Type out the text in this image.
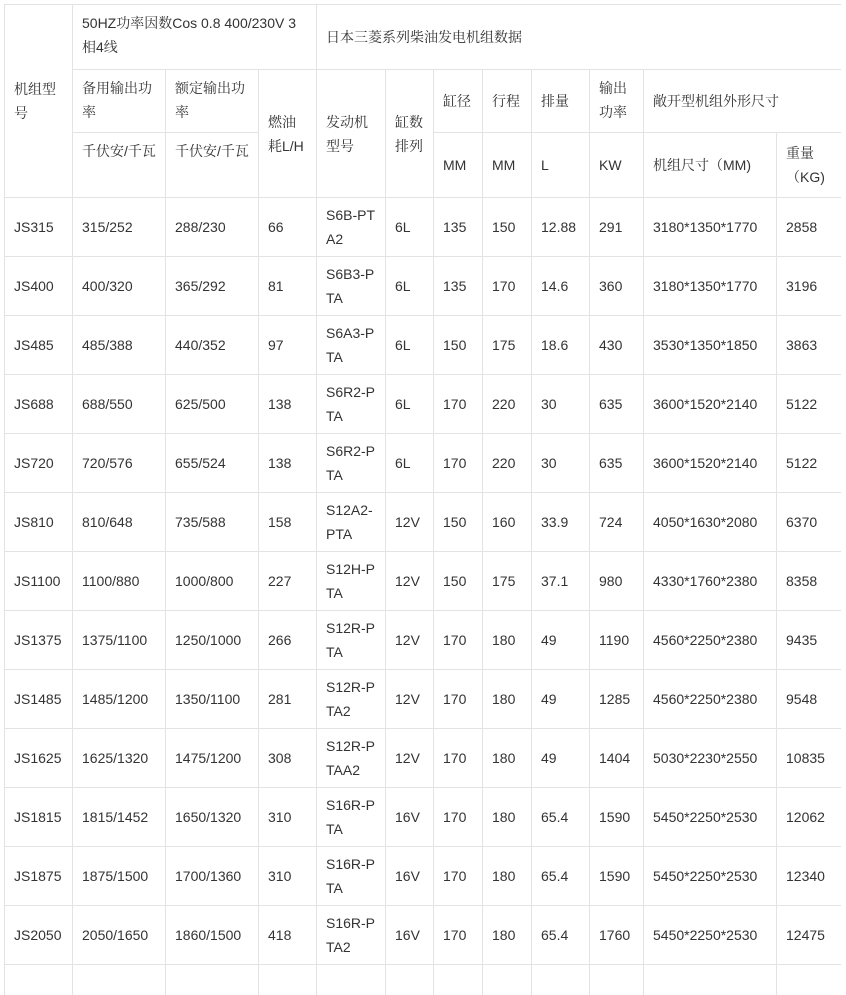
机组型号	50HZ功率因数Cos 0.8 400/230V 3相4线			日本三菱系列柴油发电机组数据							
	备用输出功率	额定输出功率	燃油耗L/H	发动机型号	缸数排列	缸径	行程	排量	输出功率	敞开型机组外形尺寸	
	千伏安/千瓦	千伏安/千瓦				MM	MM	L	KW	机组尺寸（MM)	重量（KG)
JS315	315/252	288/230	66	S6B-PTA2	6L	135	150	12.88	291	3180*1350*1770	2858
JS400	400/320	365/292	81	S6B3-PTA	6L	135	170	14.6	360	3180*1350*1770	3196
JS485	485/388	440/352	97	S6A3-PTA	6L	150	175	18.6	430	3530*1350*1850	3863
JS688	688/550	625/500	138	S6R2-PTA	6L	170	220	30	635	3600*1520*2140	5122
JS720	720/576	655/524	138	S6R2-PTA	6L	170	220	30	635	3600*1520*2140	5122
JS810	810/648	735/588	158	S12A2-PTA	12V	150	160	33.9	724	4050*1630*2080	6370
JS1100	1100/880	1000/800	227	S12H-PTA	12V	150	175	37.1	980	4330*1760*2380	8358
JS1375	1375/1100	1250/1000	266	S12R-PTA	12V	170	180	49	1190	4560*2250*2380	9435
JS1485	1485/1200	1350/1100	281	S12R-PTA2	12V	170	180	49	1285	4560*2250*2380	9548
JS1625	1625/1320	1475/1200	308	S12R-PTAA2	12V	170	180	49	1404	5030*2230*2550	10835
JS1815	1815/1452	1650/1320	310	S16R-PTA	16V	170	180	65.4	1590	5450*2250*2530	12062
JS1875	1875/1500	1700/1360	310	S16R-PTA	16V	170	180	65.4	1590	5450*2250*2530	12340
JS2050	2050/1650	1860/1500	418	S16R-PTA2	16V	170	180	65.4	1760	5450*2250*2530	12475
